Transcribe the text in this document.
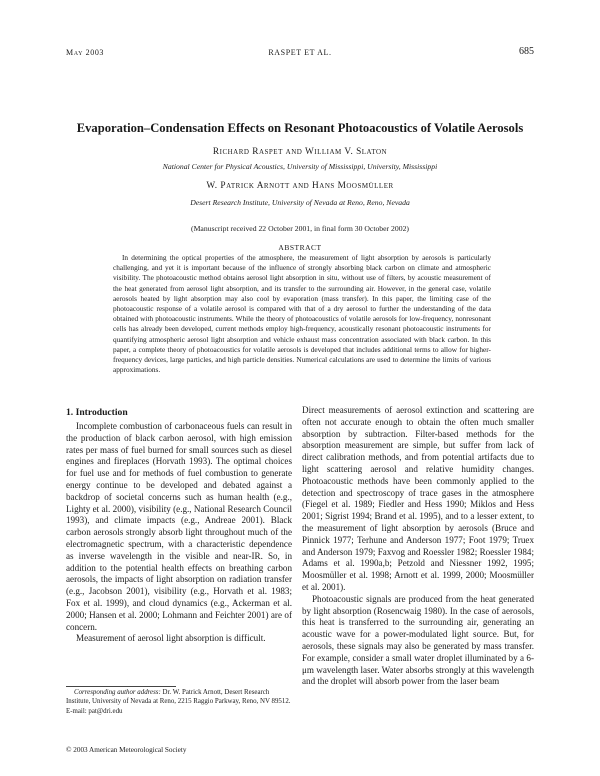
May 2003	RASPET ET AL.	685
Evaporation–Condensation Effects on Resonant Photoacoustics of Volatile Aerosols
Richard Raspet and William V. Slaton
National Center for Physical Acoustics, University of Mississippi, University, Mississippi
W. Patrick Arnott and Hans Moosmüller
Desert Research Institute, University of Nevada at Reno, Reno, Nevada
(Manuscript received 22 October 2001, in final form 30 October 2002)
ABSTRACT
In determining the optical properties of the atmosphere, the measurement of light absorption by aerosols is particularly challenging, and yet it is important because of the influence of strongly absorbing black carbon on climate and atmospheric visibility. The photoacoustic method obtains aerosol light absorption in situ, without use of filters, by acoustic measurement of the heat generated from aerosol light absorption, and its transfer to the surrounding air. However, in the general case, volatile aerosols heated by light absorption may also cool by evaporation (mass transfer). In this paper, the limiting case of the photoacoustic response of a volatile aerosol is compared with that of a dry aerosol to further the understanding of the data obtained with photoacoustic instruments. While the theory of photoacoustics of volatile aerosols for low-frequency, nonresonant cells has already been developed, current methods employ high-frequency, acoustically resonant photoacoustic instruments for quantifying atmospheric aerosol light absorption and vehicle exhaust mass concentration associated with black carbon. In this paper, a complete theory of photoacoustics for volatile aerosols is developed that includes additional terms to allow for higher-frequency devices, large particles, and high particle densities. Numerical calculations are used to determine the limits of various approximations.
1. Introduction

Incomplete combustion of carbonaceous fuels can result in the production of black carbon aerosol, with high emission rates per mass of fuel burned for small sources such as diesel engines and fireplaces (Horvath 1993). The optimal choices for fuel use and for methods of fuel combustion to generate energy continue to be developed and debated against a backdrop of societal concerns such as human health (e.g., Lighty et al. 2000), visibility (e.g., National Research Council 1993), and climate impacts (e.g., Andreae 2001). Black carbon aerosols strongly absorb light throughout much of the electromagnetic spectrum, with a characteristic dependence as inverse wavelength in the visible and near-IR. So, in addition to the potential health effects on breathing carbon aerosols, the impacts of light absorption on radiation transfer (e.g., Jacobson 2001), visibility (e.g., Horvath et al. 1983; Fox et al. 1999), and cloud dynamics (e.g., Ackerman et al. 2000; Hansen et al. 2000; Lohmann and Feichter 2001) are of concern.

Measurement of aerosol light absorption is difficult.

Direct measurements of aerosol extinction and scattering are often not accurate enough to obtain the often much smaller absorption by subtraction. Filter-based methods for the absorption measurement are simple, but suffer from lack of direct calibration methods, and from potential artifacts due to light scattering aerosol and relative humidity changes. Photoacoustic methods have been commonly applied to the detection and spectroscopy of trace gases in the atmosphere (Fiegel et al. 1989; Fiedler and Hess 1990; Miklos and Hess 2001; Sigrist 1994; Brand et al. 1995), and to a lesser extent, to the measurement of light absorption by aerosols (Bruce and Pinnick 1977; Terhune and Anderson 1977; Foot 1979; Truex and Anderson 1979; Faxvog and Roessler 1982; Roessler 1984; Adams et al. 1990a,b; Petzold and Niessner 1992, 1995; Moosmüller et al. 1998; Arnott et al. 1999, 2000; Moosmüller et al. 2001).

Photoacoustic signals are produced from the heat generated by light absorption (Rosencwaig 1980). In the case of aerosols, this heat is transferred to the surrounding air, generating an acoustic wave for a power-modulated light source. But, for aerosols, these signals may also be generated by mass transfer. For example, consider a small water droplet illuminated by a 6-μm wavelength laser. Water absorbs strongly at this wavelength and the droplet will absorb power from the laser beam

Corresponding author address: Dr. W. Patrick Arnott, Desert Research Institute, University of Nevada at Reno, 2215 Raggio Parkway, Reno, NV 89512.
E-mail: pat@dri.edu
© 2003 American Meteorological Society
